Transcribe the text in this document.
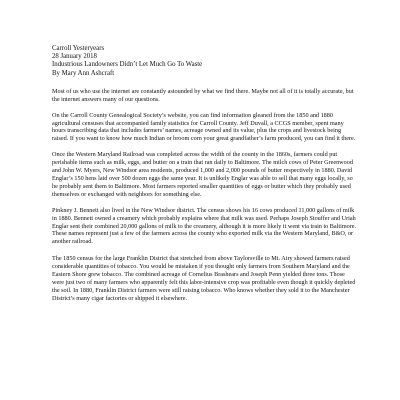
Carroll Yesteryears
28 January 2018
Industrious Landowners Didn’t Let Much Go To Waste
By Mary Ann Ashcraft

Most of us who use the internet are constantly astounded by what we find there. Maybe not all of it is totally accurate, but the internet answers many of our questions.

On the Carroll County Genealogical Society’s website, you can find information gleaned from the 1850 and 1880 agricultural censuses that accompanied family statistics for Carroll County. Jeff Duvall, a CCGS member, spent many hours transcribing data that includes farmers’ names, acreage owned and its value, plus the crops and livestock being raised. If you want to know how much Indian or broom corn your great grandfather’s farm produced, you can find it there.

Once the Western Maryland Railroad was completed across the width of the county in the 1860s, farmers could put perishable items such as milk, eggs, and butter on a train that ran daily to Baltimore. The milch cows of Peter Greenwood and John W. Myers, New Windsor area residents, produced 1,000 and 2,000 pounds of butter respectively in 1880. David Englar’s 150 hens laid over 500 dozen eggs the same year. It is unlikely Englar was able to sell that many eggs locally, so he probably sent them to Baltimore. Most farmers reported smaller quantities of eggs or butter which they probably used themselves or exchanged with neighbors for something else.

Pinkney J. Bennett also lived in the New Windsor district. The census shows his 16 cows produced 11,000 gallons of milk in 1880. Bennett owned a creamery which probably explains where that milk was used. Perhaps Joseph Stouffer and Uriah Englar sent their combined 20,000 gallons of milk to the creamery, although it is more likely it went via train to Baltimore. These names represent just a few of the farmers across the county who exported milk via the Western Maryland, B&O, or another railroad.

The 1850 census for the large Franklin District that stretched from above Taylorsville to Mt. Airy showed farmers raised considerable quantities of tobacco. You would be mistaken if you thought only farmers from Southern Maryland and the Eastern Shore grew tobacco. The combined acreage of Cornelius Brashears and Joseph Penn yielded three tons. Those were just two of many farmers who apparently felt this labor-intensive crop was profitable even though it quickly depleted the soil. In 1880, Franklin District farmers were still raising tobacco. Who knows whether they sold it to the Manchester District’s many cigar factories or shipped it elsewhere.
